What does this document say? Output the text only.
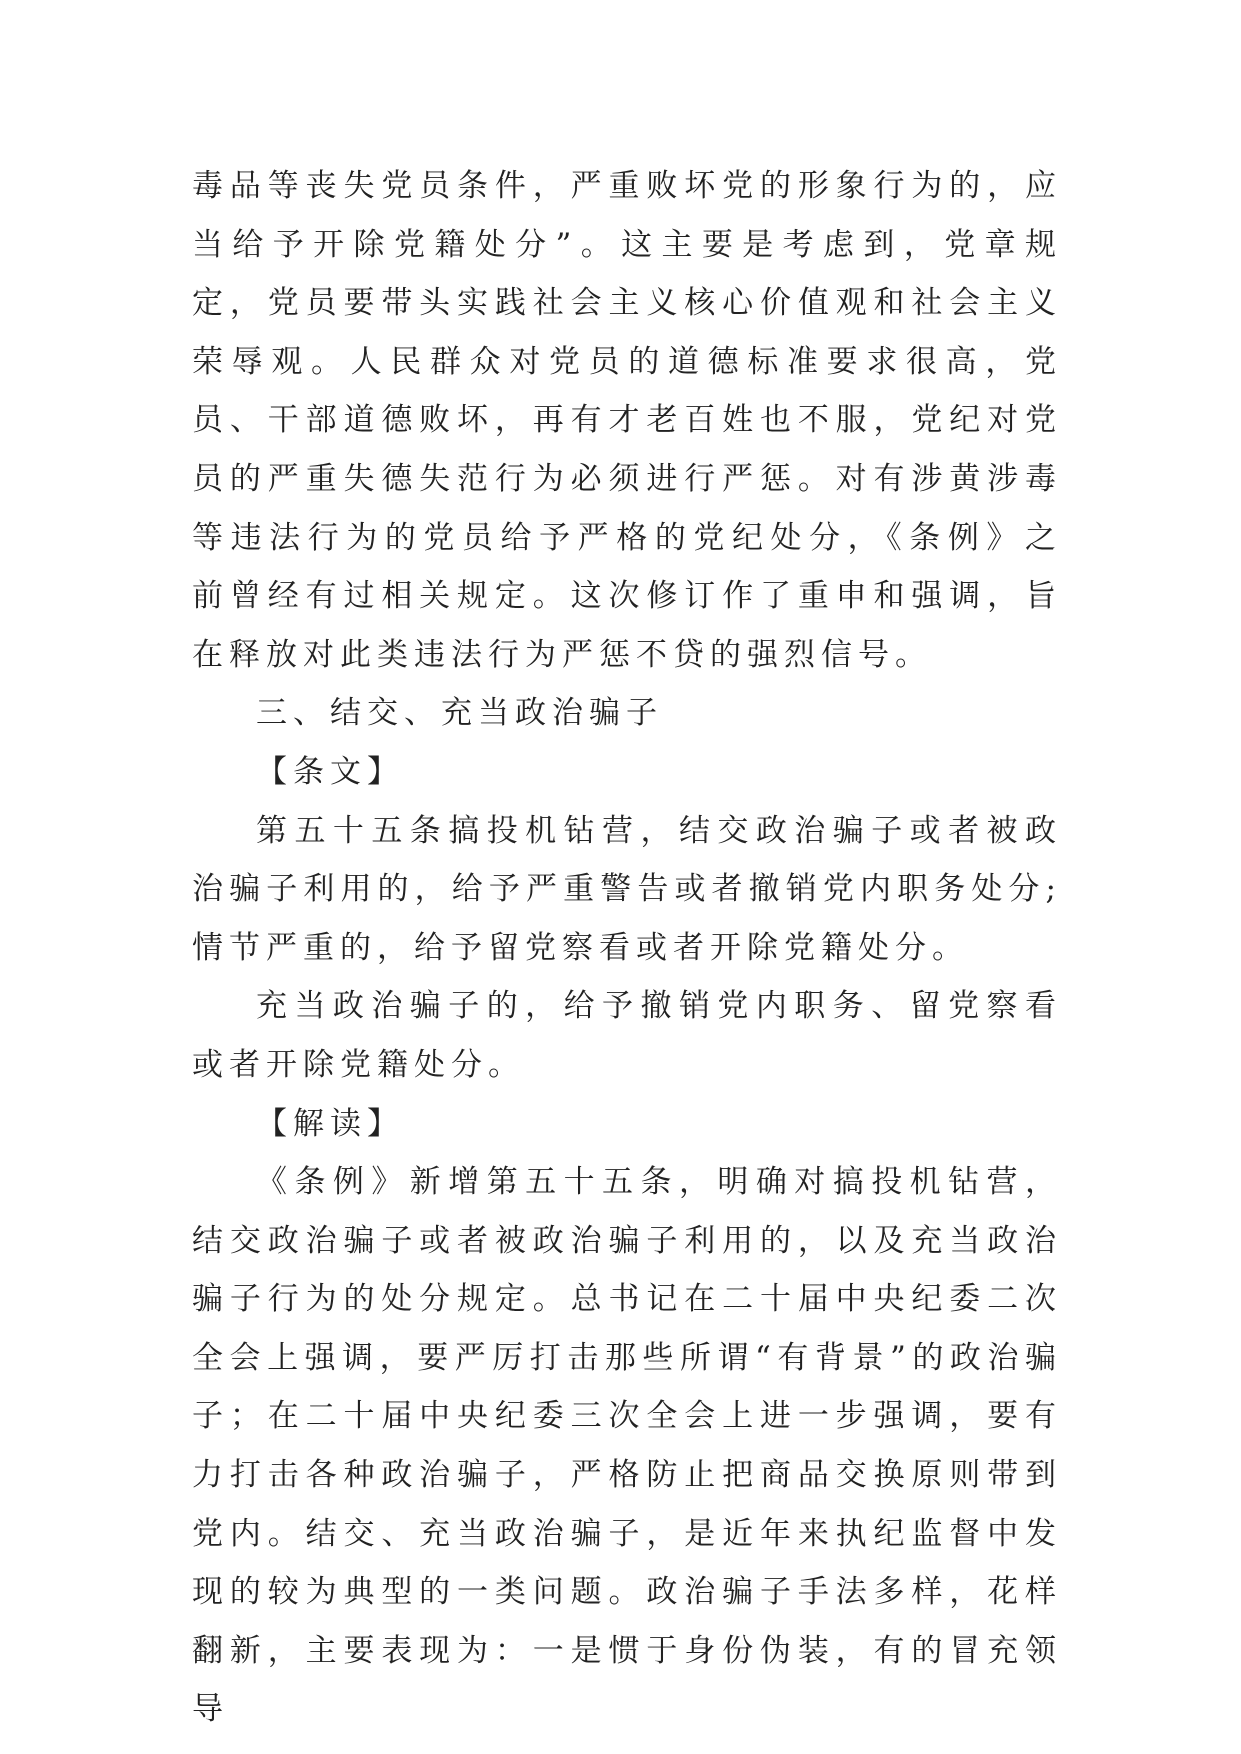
毒品等丧失党员条件，严重败坏党的形象行为的，应当给予开除党籍处分”。这主要是考虑到，党章规定，党员要带头实践社会主义核心价值观和社会主义荣辱观。人民群众对党员的道德标准要求很高，党员、干部道德败坏，再有才老百姓也不服，党纪对党员的严重失德失范行为必须进行严惩。对有涉黄涉毒等违法行为的党员给予严格的党纪处分，《条例》之前曾经有过相关规定。这次修订作了重申和强调，旨在释放对此类违法行为严惩不贷的强烈信号。

三、结交、充当政治骗子

【条文】

第五十五条搞投机钻营，结交政治骗子或者被政治骗子利用的，给予严重警告或者撤销党内职务处分;情节严重的，给予留党察看或者开除党籍处分。

充当政治骗子的，给予撤销党内职务、留党察看或者开除党籍处分。

【解读】

《条例》新增第五十五条，明确对搞投机钻营，结交政治骗子或者被政治骗子利用的，以及充当政治骗子行为的处分规定。总书记在二十届中央纪委二次全会上强调，要严厉打击那些所谓“有背景”的政治骗子；在二十届中央纪委三次全会上进一步强调，要有力打击各种政治骗子，严格防止把商品交换原则带到党内。结交、充当政治骗子，是近年来执纪监督中发现的较为典型的一类问题。政治骗子手法多样，花样翻新，主要表现为：一是惯于身份伪装，有的冒充领导
